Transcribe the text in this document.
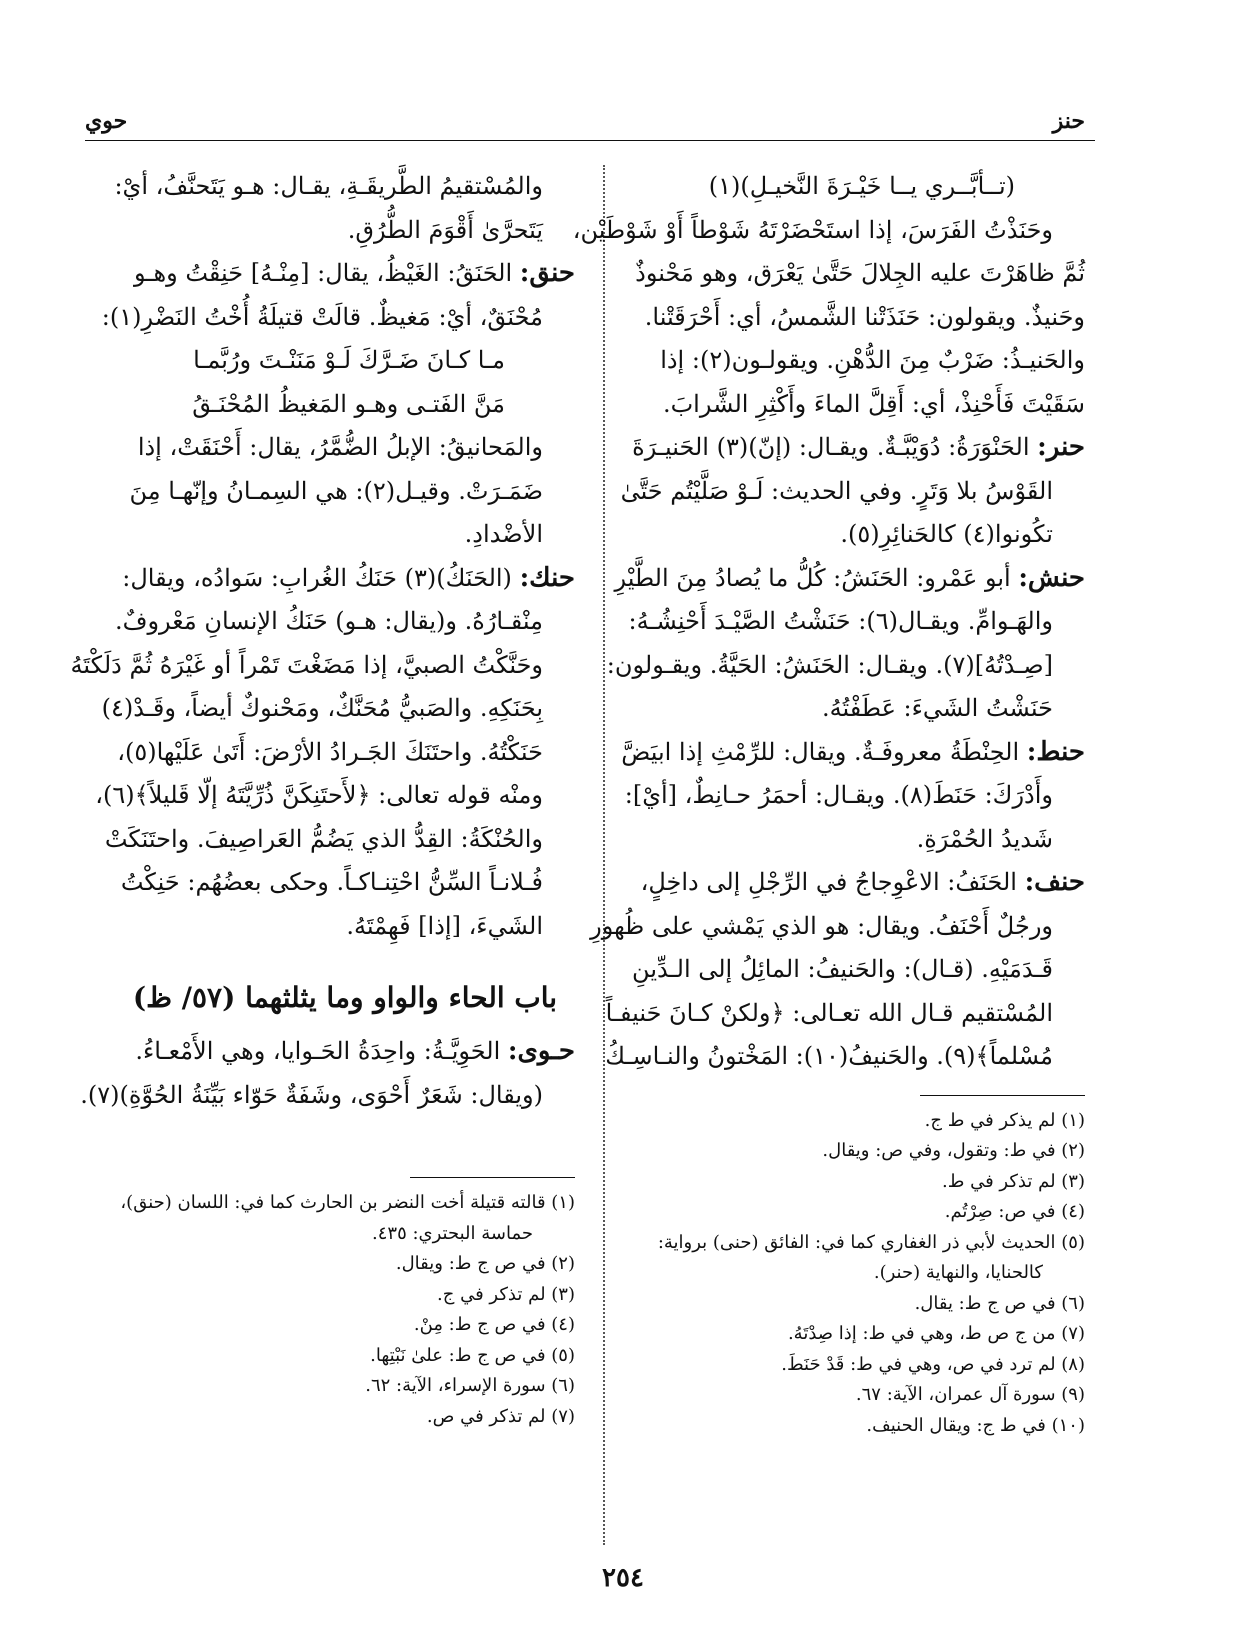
حنز
حوي
(تــأبَّــري يــا خَيْـرَةَ النَّخيـلِ)(١)
وحَنَذْتُ الفَرَسَ، إذا استَحْضَرْتَهُ شَوْطاً أَوْ شَوْطَيْن،
ثُمَّ ظاهَرْتَ عليه الجِلالَ حَتَّىٰ يَعْرَق، وهو مَحْنوذٌ
وحَنيذٌ. ويقولون: حَنَذَتْنا الشَّمسُ، أي: أَحْرَقَتْنا.
والحَنيـذُ: ضَرْبٌ مِنَ الدُّهْنِ. ويقولـون(٢): إذا
سَقَيْتَ فَأَحْنِذْ، أي: أَقِلَّ الماءَ وأَكْثِرِ الشَّرابَ.
حنر: الحَنْوَرَةُ: دُوَيْبَّـةٌ. ويقـال: (إنّ)(٣) الحَنيـرَةَ
القَوْسُ بلا وَتَرٍ. وفي الحديث: لَـوْ صَلَّيْتُم حَتَّىٰ
تكُونوا(٤) كالحَنائِرِ(٥).
حنش: أبو عَمْرو: الحَنَشُ: كُلُّ ما يُصادُ مِنَ الطَّيْرِ
والهَـوامِّ. ويقـال(٦): حَنَشْتُ الصَّيْـدَ أَحْنِشُـهُ:
[صِـدْتُهُ](٧). ويقـال: الحَنَشُ: الحَيَّةُ. ويقـولون:
حَنَشْتُ الشَيءَ: عَطَفْتُهُ.
حنط: الحِنْطَةُ معروفَـةٌ. ويقال: للرِّمْثِ إذا ابيَضَّ
وأَدْرَكَ: حَنَطَ(٨). ويقـال: أحمَرُ حـانِطٌ، [أيْ]:
شَديدُ الحُمْرَةِ.
حنف: الحَنَفُ: الاعْوِجاجُ في الرِّجْلِ إلى داخِلٍ،
ورجُلٌ أَحْنَفُ. ويقال: هو الذي يَمْشي على ظُهورِ
قَـدَمَيْهِ. (قـال): والحَنيفُ: المائِلُ إلى الـدِّينِ
المُسْتقيم قـال الله تعـالى: ﴿ولكنْ كـانَ حَنيفـاً
مُسْلماً﴾(٩). والحَنيفُ(١٠): المَخْتونُ والنـاسِـكُ
(١) لم يذكر في ط ج.
(٢) في ط: وتقول، وفي ص: ويقال.
(٣) لم تذكر في ط.
(٤) في ص: صِرْتُم.
(٥) الحديث لأبي ذر الغفاري كما في: الفائق (حنى) برواية:
كالحنايا، والنهاية (حنر).
(٦) في ص ج ط: يقال.
(٧) من ج ص ط، وهي في ط: إذا صِدْتَهُ.
(٨) لم ترد في ص، وهي في ط: قَدْ حَنَطَ.
(٩) سورة آل عمران، الآية: ٦٧.
(١٠) في ط ج: ويقال الحنيف.
والمُسْتقيمُ الطَّريقَـةِ، يقـال: هـو يَتَحنَّفُ، أيْ:
يَتَحرَّىٰ أَقْوَمَ الطُّرُقِ.
حنق: الحَنَقُ: الغَيْظُ، يقال: [مِنْـهُ] حَنِقْتُ وهـو
مُحْنَقٌ، أيْ: مَغيظٌ. قالَتْ قتيلَةُ أُخْتُ النَضْرِ(١):
مـا كـانَ ضَـرَّكَ لَـوْ مَنَنْـتَ ورُبَّمـا
مَنَّ الفَتـى وهـو المَغيظُ المُحْنَـقُ
والمَحانيقُ: الإبلُ الضُّمَّرُ، يقال: أَحْنَقَتْ، إذا
ضَمَـرَتْ. وقيـل(٢): هي السِمـانُ وإنّهـا مِنَ
الأضْدادِ.
حنك: (الحَنَكُ)(٣) حَنَكُ الغُرابِ: سَوادُه، ويقال:
مِنْقـارُهُ. و(يقال: هـو) حَنَكُ الإنسانِ مَعْروفٌ.
وحَنَّكْتُ الصبيَّ، إذا مَضَغْتَ تَمْراً أو غَيْرَهُ ثُمَّ دَلَكْتَهُ
بِحَنَكِهِ. والصَبيُّ مُحَنَّكٌ، ومَحْنوكٌ أيضاً، وقَـدْ(٤)
حَنَكْتُهُ. واحتَنَكَ الجَـرادُ الأرْضَ: أَتَىٰ عَلَيْها(٥)،
ومنْه قوله تعالى: ﴿لأَحتَنِكَنَّ ذُرِّيَّتَهُ إلّا قَليلاً﴾(٦)،
والحُنْكَةُ: القِدُّ الذي يَضُمُّ العَراصِيفَ. واحتَنَكَتْ
فُـلانـاً السِّنُّ احْتِنـاكـاً. وحكى بعضُهُم: حَنِكْتُ
الشَيءَ، [إذا] فَهِمْتَهُ.
باب الحاء والواو وما يثلثهما (٥٧/ ظ)
حـوى: الحَوِيَّـةُ: واحِدَةُ الحَـوايا، وهي الأَمْعـاءُ.
(ويقال: شَعَرٌ أَحْوَى، وشَفَةٌ حَوّاء بَيِّنَةُ الحُوَّةِ)(٧).
(١) قالته قتيلة أخت النضر بن الحارث كما في: اللسان (حنق)،
حماسة البحتري: ٤٣٥.
(٢) في ص ج ط: ويقال.
(٣) لم تذكر في ج.
(٤) في ص ج ط: مِنْ.
(٥) في ص ج ط: علىٰ نَبْتِها.
(٦) سورة الإسراء، الآية: ٦٢.
(٧) لم تذكر في ص.
٢٥٤
